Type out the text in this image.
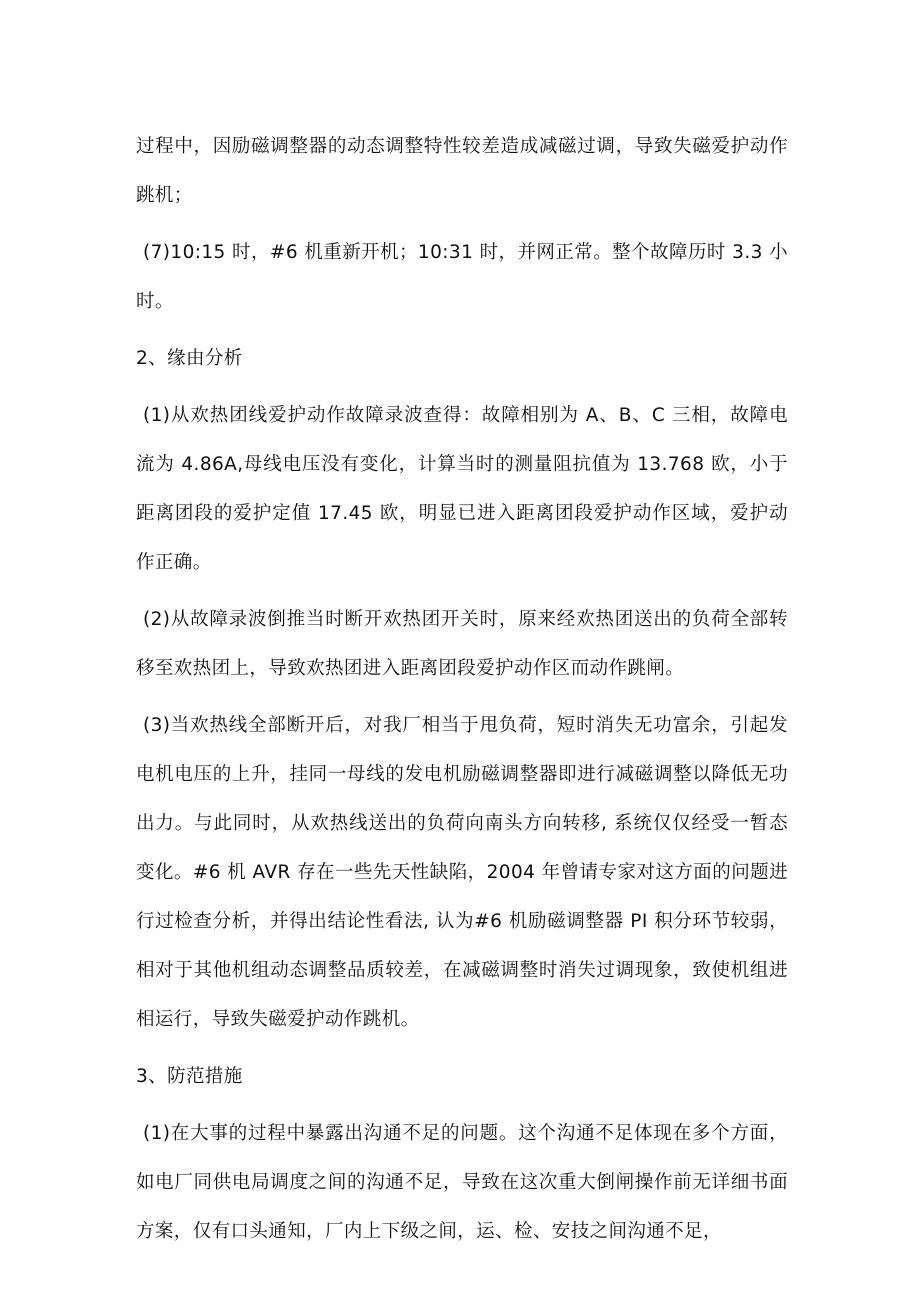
过程中，因励磁调整器的动态调整特性较差造成减磁过调，导致失磁爱护动作跳机；

(7)10:15 时，#6 机重新开机；10:31 时，并网正常。整个故障历时 3.3 小时。

2、缘由分析

(1)从欢热团线爱护动作故障录波查得：故障相别为 A、B、C 三相，故障电流为 4.86A,母线电压没有变化，计算当时的测量阻抗值为 13.768 欧，小于距离团段的爱护定值 17.45 欧，明显已进入距离团段爱护动作区域，爱护动作正确。

(2)从故障录波倒推当时断开欢热团开关时，原来经欢热团送出的负荷全部转移至欢热团上，导致欢热团进入距离团段爱护动作区而动作跳闸。

(3)当欢热线全部断开后，对我厂相当于甩负荷，短时消失无功富余，引起发电机电压的上升，挂同一母线的发电机励磁调整器即进行减磁调整以降低无功出力。与此同时，从欢热线送出的负荷向南头方向转移, 系统仅仅经受一暂态变化。#6 机 AVR 存在一些先天性缺陷，2004 年曾请专家对这方面的问题进行过检查分析，并得出结论性看法, 认为#6 机励磁调整器 PI 积分环节较弱，相对于其他机组动态调整品质较差，在减磁调整时消失过调现象，致使机组进相运行，导致失磁爱护动作跳机。

3、防范措施

(1)在大事的过程中暴露出沟通不足的问题。这个沟通不足体现在多个方面，如电厂同供电局调度之间的沟通不足，导致在这次重大倒闸操作前无详细书面方案，仅有口头通知，厂内上下级之间，运、检、安技之间沟通不足，
